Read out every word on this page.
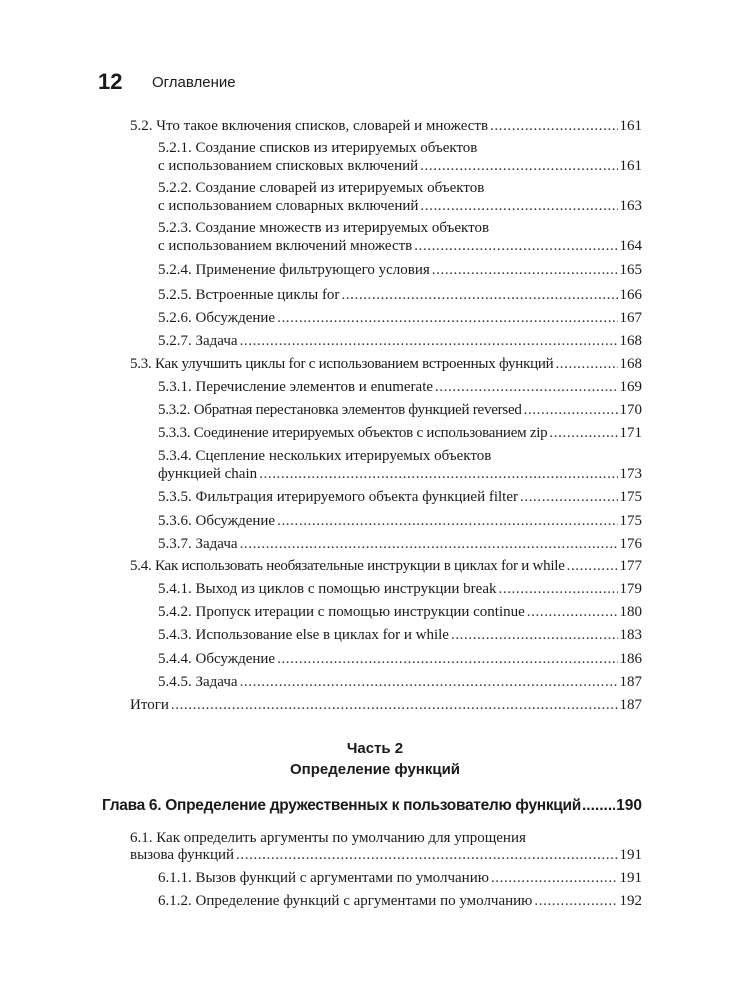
12 Оглавление
5.2. Что такое включения списков, словарей и множеств .....	161
5.2.1. Создание списков из итерируемых объектов
с использованием списковых включений .....	161
5.2.2. Создание словарей из итерируемых объектов
с использованием словарных включений .....	163
5.2.3. Создание множеств из итерируемых объектов
с использованием включений множеств .....	164
5.2.4. Применение фильтрующего условия .....	165
5.2.5. Встроенные циклы for .....	166
5.2.6. Обсуждение .....	167
5.2.7. Задача .....	168
5.3. Как улучшить циклы for с использованием встроенных функций .....	168
5.3.1. Перечисление элементов и enumerate .....	169
5.3.2. Обратная перестановка элементов функцией reversed .....	170
5.3.3. Соединение итерируемых объектов с использованием zip .....	171
5.3.4. Сцепление нескольких итерируемых объектов
функцией chain .....	173
5.3.5. Фильтрация итерируемого объекта функцией filter .....	175
5.3.6. Обсуждение .....	175
5.3.7. Задача .....	176
5.4. Как использовать необязательные инструкции в циклах for и while .....	177
5.4.1. Выход из циклов с помощью инструкции break .....	179
5.4.2. Пропуск итерации с помощью инструкции continue .....	180
5.4.3. Использование else в циклах for и while .....	183
5.4.4. Обсуждение .....	186
5.4.5. Задача .....	187
Итоги .....	187
Часть 2
Определение функций
Глава 6. Определение дружественных к пользователю функций ..... 190
6.1. Как определить аргументы по умолчанию для упрощения
вызова функций .....	191
6.1.1. Вызов функций с аргументами по умолчанию .....	191
6.1.2. Определение функций с аргументами по умолчанию .....	192
